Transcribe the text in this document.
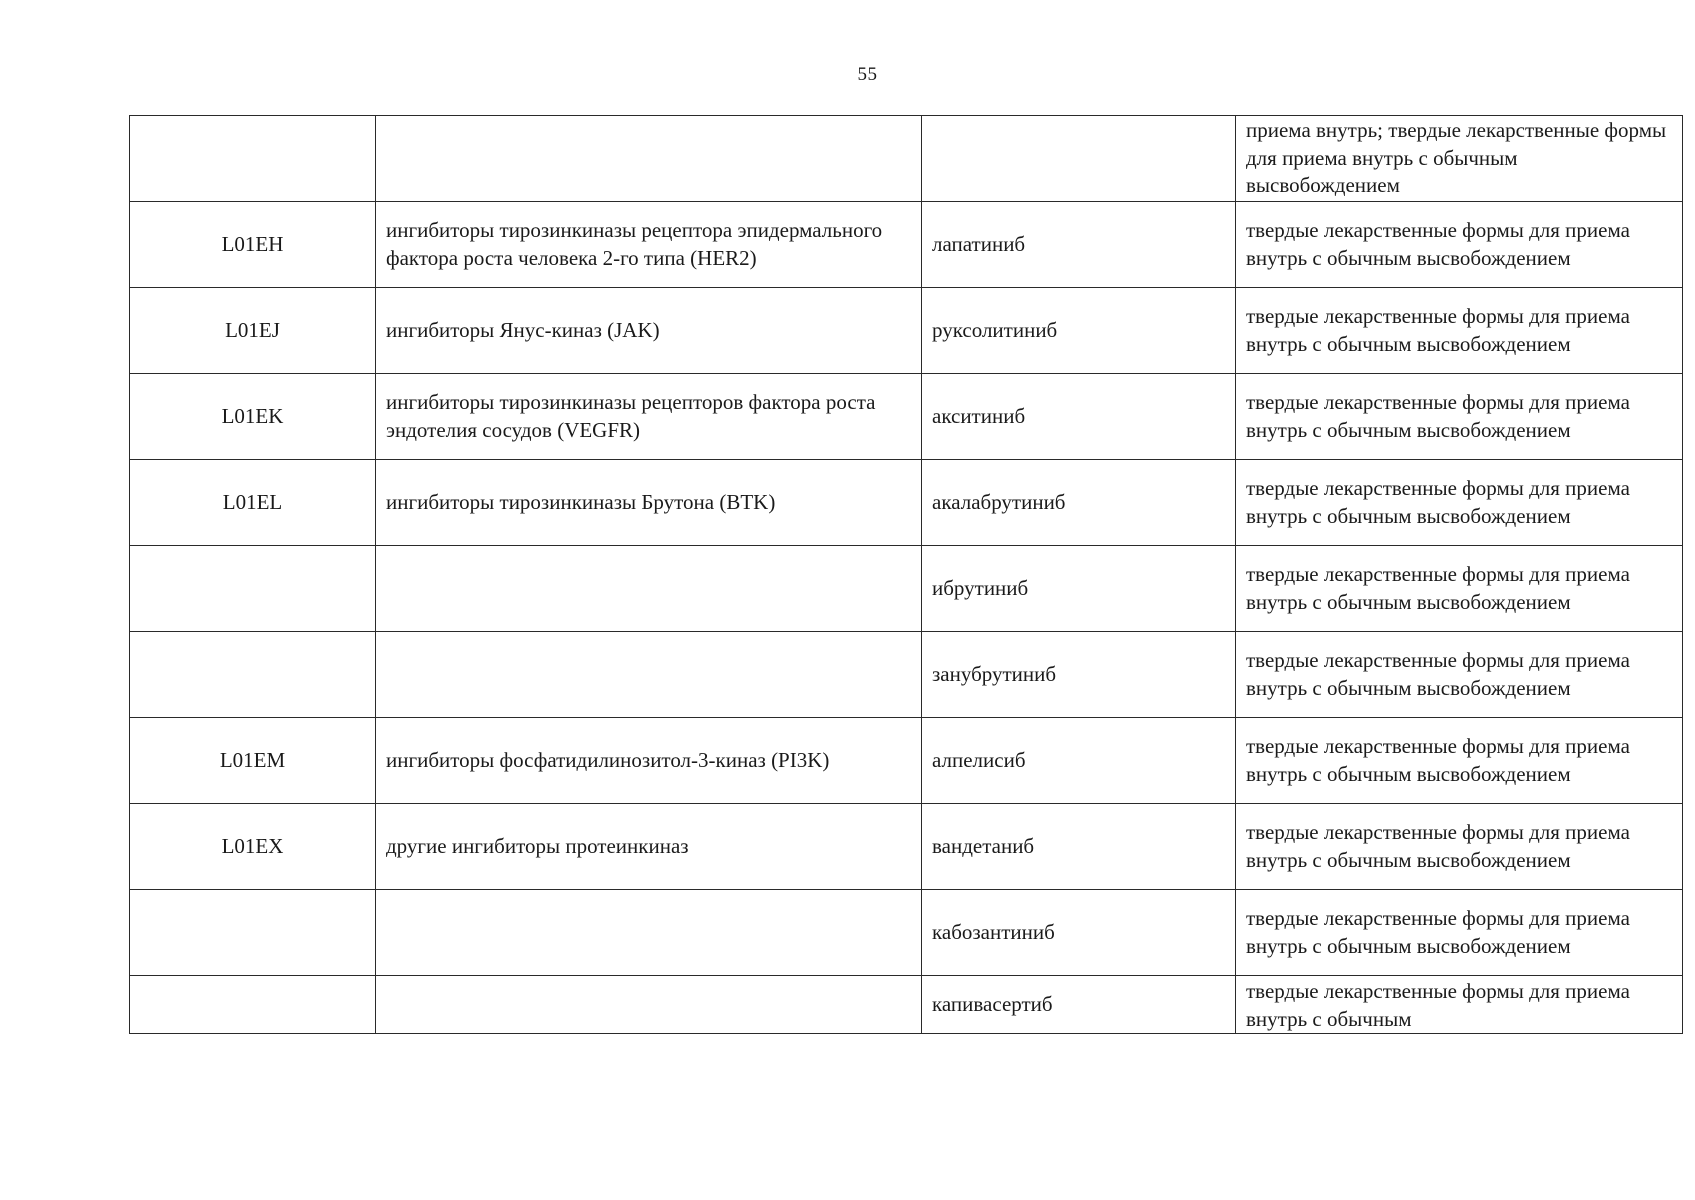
55
			приема внутрь; твердые лекарственные формы для приема внутрь с обычным высвобождением
L01EH	ингибиторы тирозинкиназы рецептора эпидермального фактора роста человека 2-го типа (HER2)	лапатиниб	твердые лекарственные формы для приема внутрь с обычным высвобождением
L01EJ	ингибиторы Янус-киназ (JAK)	руксолитиниб	твердые лекарственные формы для приема внутрь с обычным высвобождением
L01EK	ингибиторы тирозинкиназы рецепторов фактора роста эндотелия сосудов (VEGFR)	акситиниб	твердые лекарственные формы для приема внутрь с обычным высвобождением
L01EL	ингибиторы тирозинкиназы Брутона (BTK)	акалабрутиниб	твердые лекарственные формы для приема внутрь с обычным высвобождением
		ибрутиниб	твердые лекарственные формы для приема внутрь с обычным высвобождением
		занубрутиниб	твердые лекарственные формы для приема внутрь с обычным высвобождением
L01EM	ингибиторы фосфатидилинозитол-3-киназ (PI3K)	алпелисиб	твердые лекарственные формы для приема внутрь с обычным высвобождением
L01EX	другие ингибиторы протеинкиназ	вандетаниб	твердые лекарственные формы для приема внутрь с обычным высвобождением
		кабозантиниб	твердые лекарственные формы для приема внутрь с обычным высвобождением
		капивасертиб	твердые лекарственные формы для приема внутрь с обычным
